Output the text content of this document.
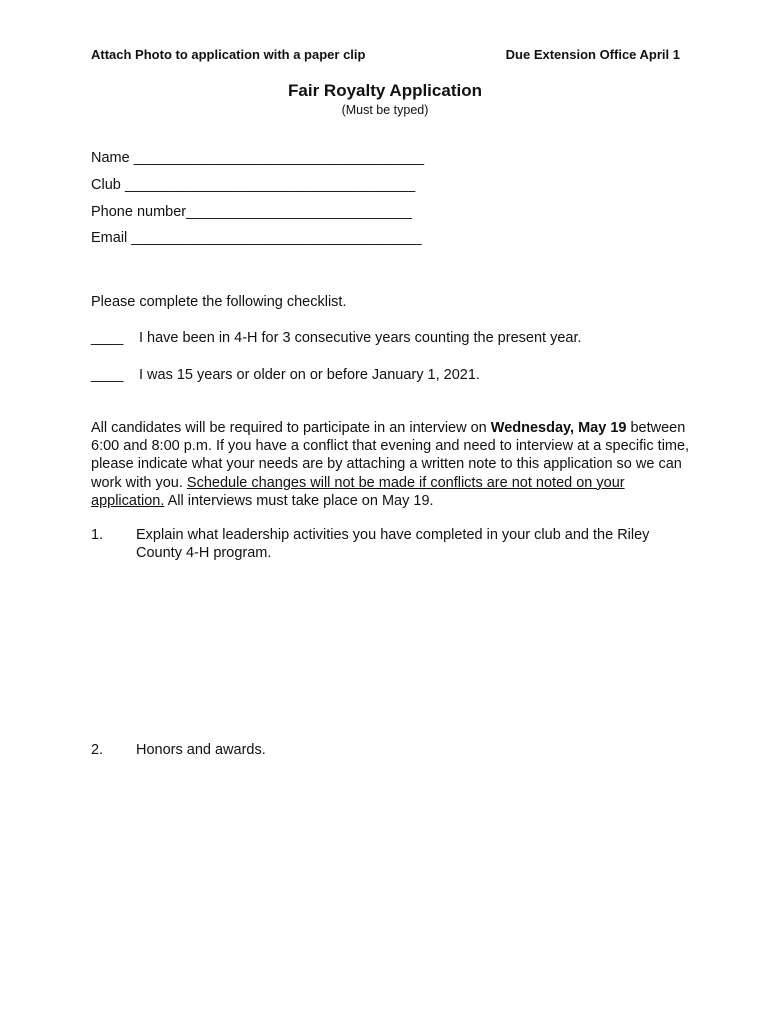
Attach Photo to application with a paper clip	Due Extension Office April 1
Fair Royalty Application
(Must be typed)
Name ____________________________________
Club ____________________________________
Phone number____________________________
Email ____________________________________
Please complete the following checklist.
____ I have been in 4-H for 3 consecutive years counting the present year.
____ I was 15 years or older on or before January 1, 2021.
All candidates will be required to participate in an interview on Wednesday, May 19 between 6:00 and 8:00 p.m. If you have a conflict that evening and need to interview at a specific time, please indicate what your needs are by attaching a written note to this application so we can work with you. Schedule changes will not be made if conflicts are not noted on your application. All interviews must take place on May 19.
1. Explain what leadership activities you have completed in your club and the Riley County 4-H program.
2. Honors and awards.
